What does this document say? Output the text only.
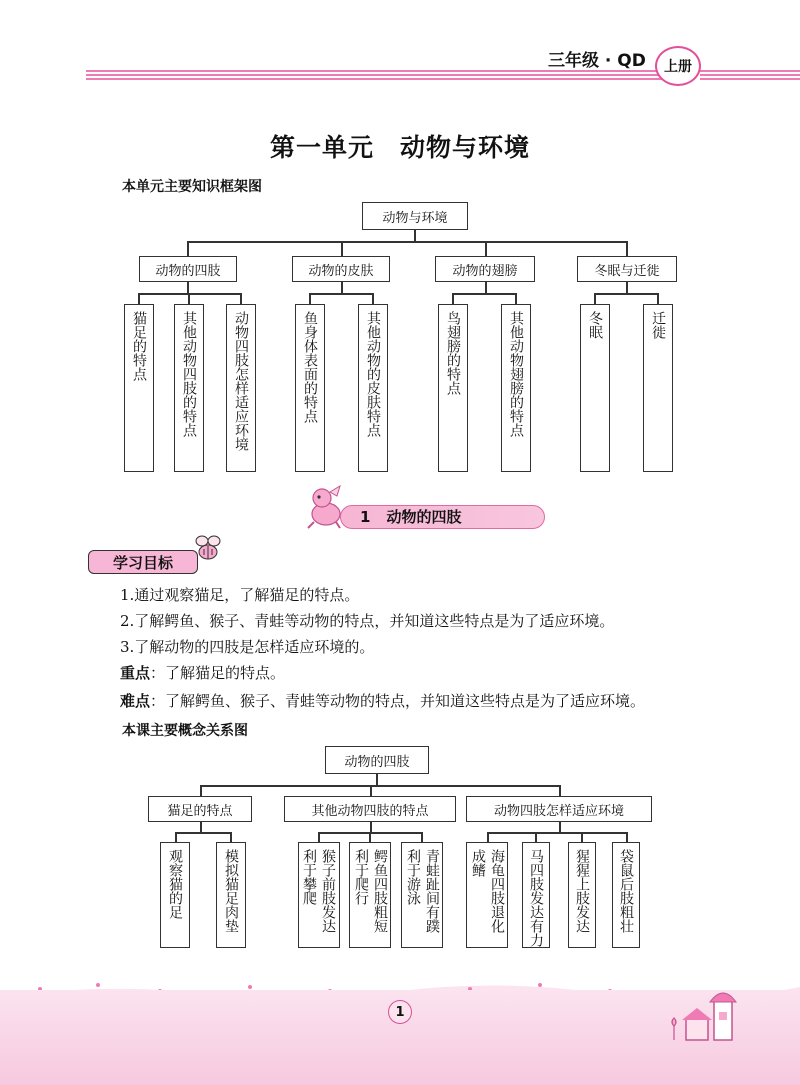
三年级 · QD	上册
第一单元　动物与环境
本单元主要知识框架图
动物与环境
动物的四肢	动物的皮肤	动物的翅膀	冬眠与迁徙
猫足的特点 其他动物四肢的特点	动物四肢怎样适应环境	鱼身体表面的特点	其他动物的皮肤特点	鸟翅膀的特点	其他动物翅膀的特点	冬眠	迁徙
1 动物的四肢
学习目标
1.通过观察猫足，了解猫足的特点。
2.了解鳄鱼、猴子、青蛙等动物的特点，并知道这些特点是为了适应环境。
3.了解动物的四肢是怎样适应环境的。
重点：了解猫足的特点。
难点：了解鳄鱼、猴子、青蛙等动物的特点，并知道这些特点是为了适应环境。
本课主要概念关系图
动物的四肢
猫足的特点	其他动物四肢的特点	动物四肢怎样适应环境
观察猫的足	模拟猫足肉垫	猴子前肢发达利于攀爬	鳄鱼四肢粗短利于爬行	青蛙趾间有蹼利于游泳	海龟四肢退化成鳍	马四肢发达有力 猩猩上肢发达 袋鼠后肢粗壮
1
